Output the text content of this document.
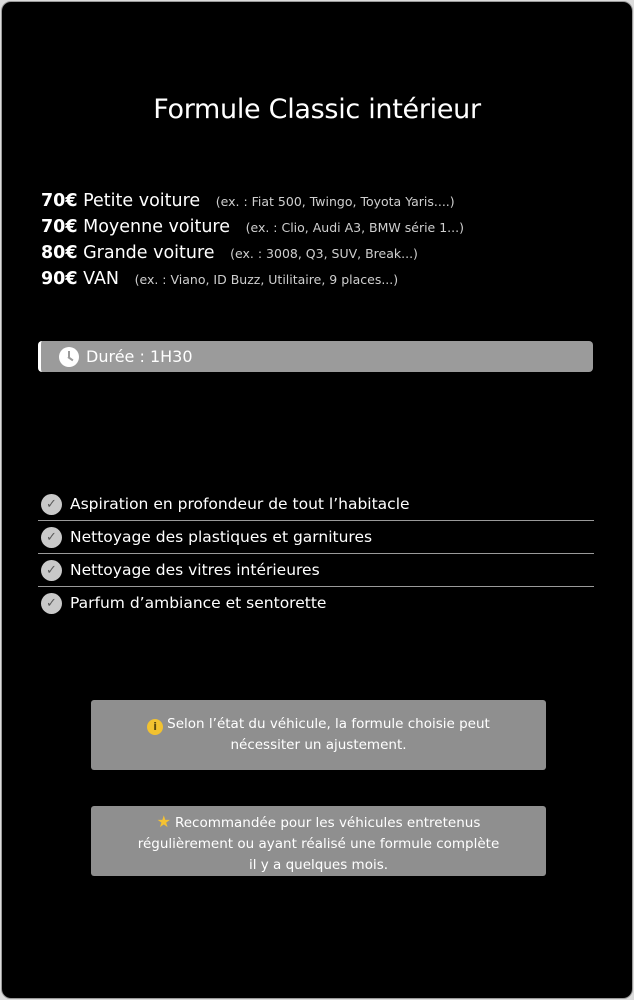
Formule Classic intérieur
70€ Petite voiture (ex. : Fiat 500, Twingo, Toyota Yaris....)
70€ Moyenne voiture (ex. : Clio, Audi A3, BMW série 1...)
80€ Grande voiture (ex. : 3008, Q3, SUV, Break...)
90€ VAN (ex. : Viano, ID Buzz, Utilitaire, 9 places...)
Durée : 1H30
✓ Aspiration en profondeur de tout l’habitacle
✓ Nettoyage des plastiques et garnitures
✓ Nettoyage des vitres intérieures
✓ Parfum d’ambiance et sentorette
i Selon l’état du véhicule, la formule choisie peut
nécessiter un ajustement.
★ Recommandée pour les véhicules entretenus
régulièrement ou ayant réalisé une formule complète
il y a quelques mois.
